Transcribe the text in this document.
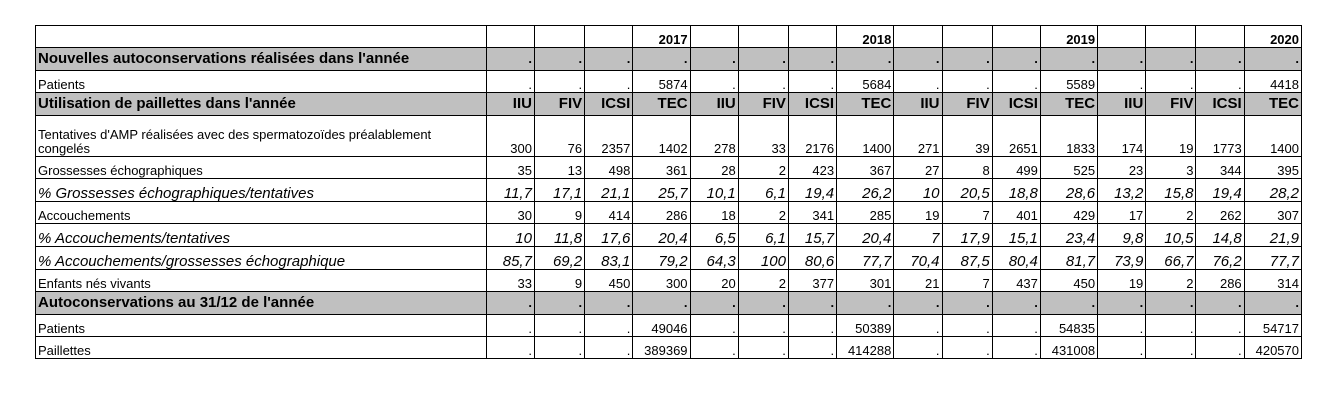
				2017				2018				2019				2020
Nouvelles autoconservations réalisées dans l'année	.	.	.	.	.	.	.	.	.	.	.	.	.	.	.	.
Patients	.	.	.	5874	.	.	.	5684	.	.	.	5589	.	.	.	4418
Utilisation de paillettes dans l'année	IIU	FIV	ICSI	TEC	IIU	FIV	ICSI	TEC	IIU	FIV	ICSI	TEC	IIU	FIV	ICSI	TEC
Tentatives d'AMP réalisées avec des spermatozoïdes préalablement congelés	300	76	2357	1402	278	33	2176	1400	271	39	2651	1833	174	19	1773	1400
Grossesses échographiques	35	13	498	361	28	2	423	367	27	8	499	525	23	3	344	395
% Grossesses échographiques/tentatives	11,7	17,1	21,1	25,7	10,1	6,1	19,4	26,2	10	20,5	18,8	28,6	13,2	15,8	19,4	28,2
Accouchements	30	9	414	286	18	2	341	285	19	7	401	429	17	2	262	307
% Accouchements/tentatives	10	11,8	17,6	20,4	6,5	6,1	15,7	20,4	7	17,9	15,1	23,4	9,8	10,5	14,8	21,9
% Accouchements/grossesses échographique	85,7	69,2	83,1	79,2	64,3	100	80,6	77,7	70,4	87,5	80,4	81,7	73,9	66,7	76,2	77,7
Enfants nés vivants	33	9	450	300	20	2	377	301	21	7	437	450	19	2	286	314
Autoconservations au 31/12 de l'année	.	.	.	.	.	.	.	.	.	.	.	.	.	.	.	.
Patients	.	.	.	49046	.	.	.	50389	.	.	.	54835	.	.	.	54717
Paillettes	.	.	.	389369	.	.	.	414288	.	.	.	431008	.	.	.	420570
